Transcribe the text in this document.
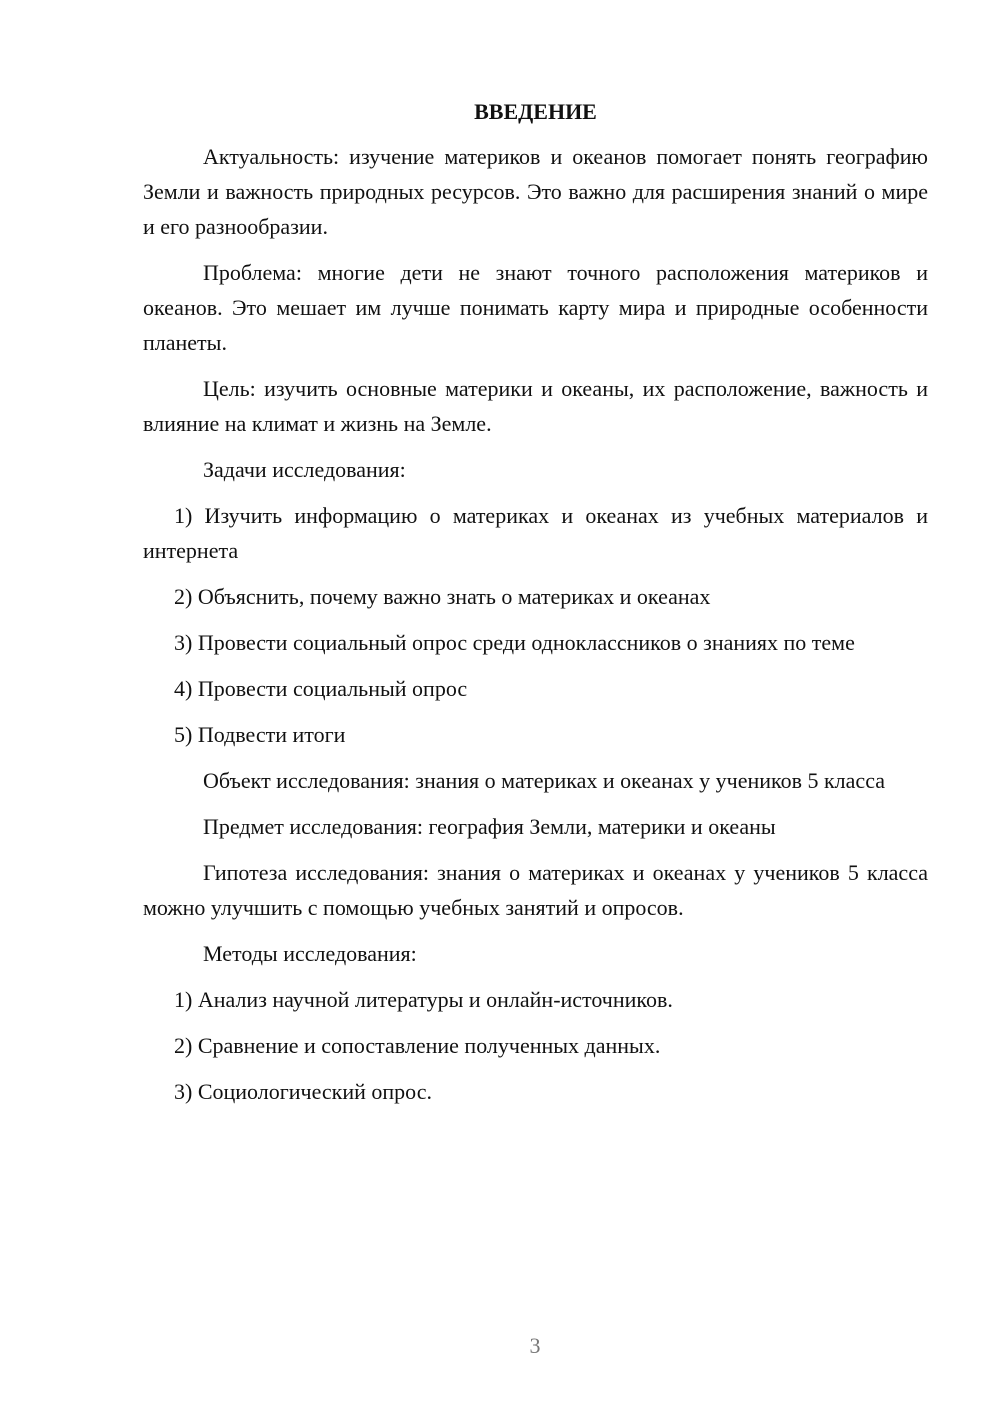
ВВЕДЕНИЕ

Актуальность: изучение материков и океанов помогает понять географию Земли и важность природных ресурсов. Это важно для расширения знаний о мире и его разнообразии.

Проблема: многие дети не знают точного расположения материков и океанов. Это мешает им лучше понимать карту мира и природные особенности планеты.

Цель: изучить основные материки и океаны, их расположение, важность и влияние на климат и жизнь на Земле.

Задачи исследования:

1) Изучить информацию о материках и океанах из учебных материалов и интернета

2) Объяснить, почему важно знать о материках и океанах

3) Провести социальный опрос среди одноклассников о знаниях по теме

4) Провести социальный опрос

5) Подвести итоги

Объект исследования: знания о материках и океанах у учеников 5 класса

Предмет исследования: география Земли, материки и океаны

Гипотеза исследования: знания о материках и океанах у учеников 5 класса можно улучшить с помощью учебных занятий и опросов.

Методы исследования:

1) Анализ научной литературы и онлайн-источников.

2) Сравнение и сопоставление полученных данных.

3) Социологический опрос.

3
